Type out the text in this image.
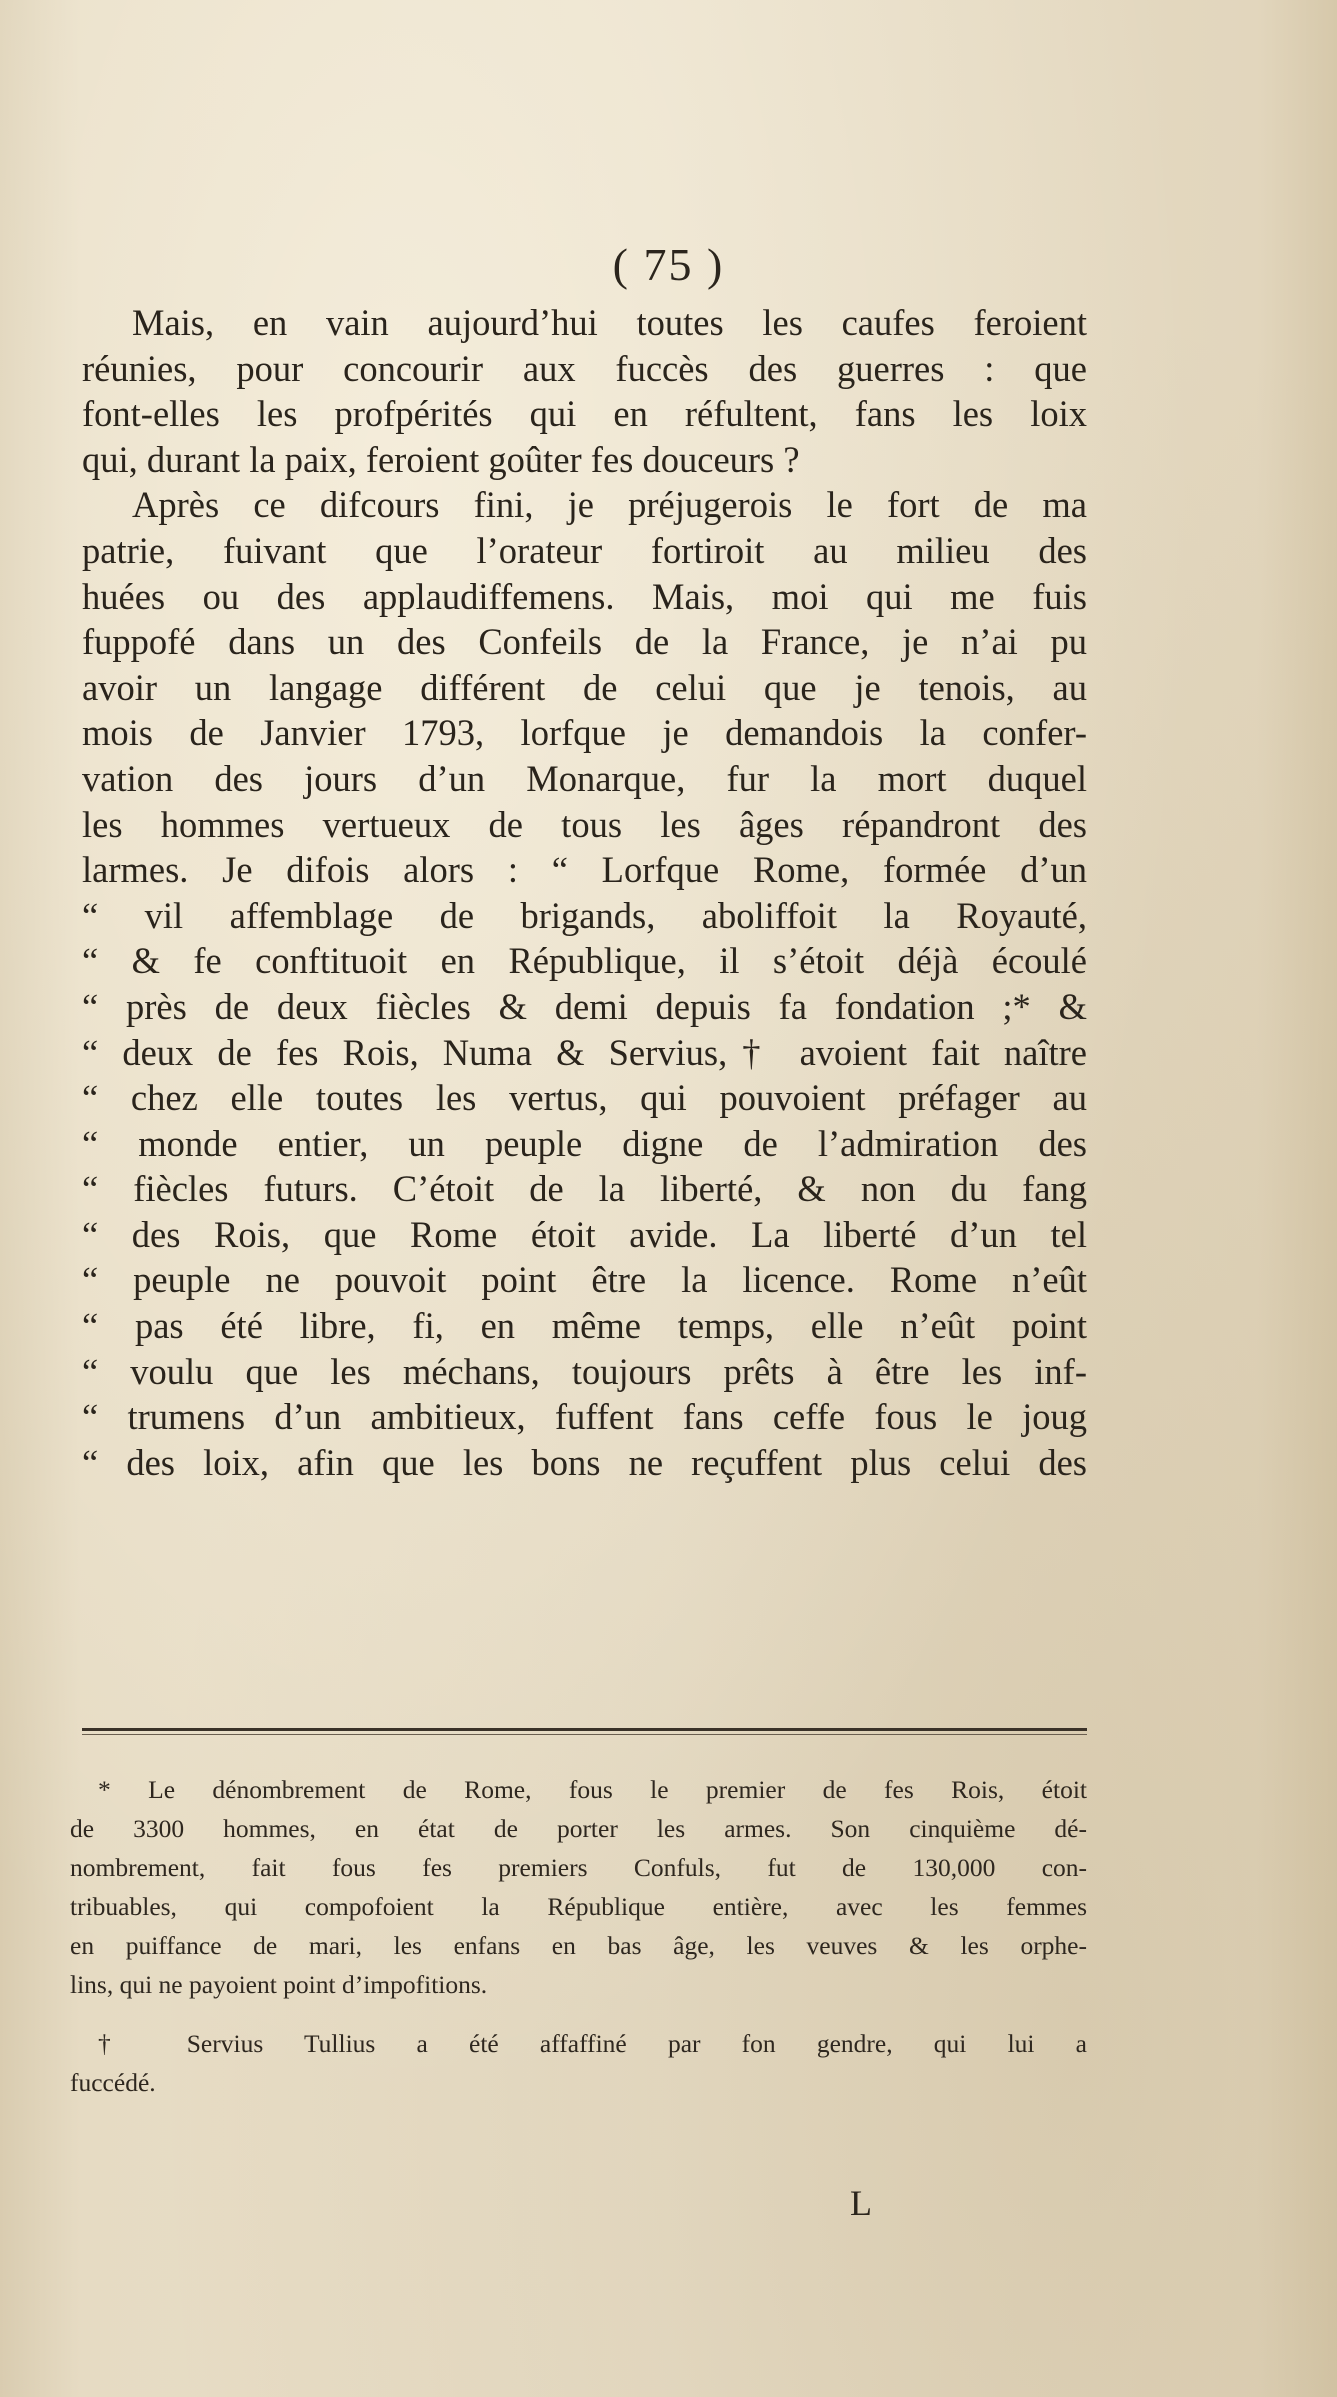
( 75 )
Mais, en vain aujourd’hui toutes les caufes feroient
réunies, pour concourir aux fuccès des guerres : que
font-elles les profpérités qui en réfultent, fans les loix
qui, durant la paix, feroient goûter fes douceurs ?
Après ce difcours fini, je préjugerois le fort de ma
patrie, fuivant que l’orateur fortiroit au milieu des
huées ou des applaudiffemens. Mais, moi qui me fuis
fuppofé dans un des Confeils de la France, je n’ai pu
avoir un langage différent de celui que je tenois, au
mois de Janvier 1793, lorfque je demandois la confer-
vation des jours d’un Monarque, fur la mort duquel
les hommes vertueux de tous les âges répandront des
larmes. Je difois alors : “ Lorfque Rome, formée d’un
“ vil affemblage de brigands, aboliffoit la Royauté,
“ & fe conftituoit en République, il s’étoit déjà écoulé
“ près de deux fiècles & demi depuis fa fondation ;* &
“ deux de fes Rois, Numa & Servius,† avoient fait naître
“ chez elle toutes les vertus, qui pouvoient préfager au
“ monde entier, un peuple digne de l’admiration des
“ fiècles futurs. C’étoit de la liberté, & non du fang
“ des Rois, que Rome étoit avide. La liberté d’un tel
“ peuple ne pouvoit point être la licence. Rome n’eût
“ pas été libre, fi, en même temps, elle n’eût point
“ voulu que les méchans, toujours prêts à être les inf-
“ trumens d’un ambitieux, fuffent fans ceffe fous le joug
“ des loix, afin que les bons ne reçuffent plus celui des
* Le dénombrement de Rome, fous le premier de fes Rois, étoit
de 3300 hommes, en état de porter les armes. Son cinquième dé-
nombrement, fait fous fes premiers Confuls, fut de 130,000 con-
tribuables, qui compofoient la République entière, avec les femmes
en puiffance de mari, les enfans en bas âge, les veuves & les orphe-
lins, qui ne payoient point d’impofitions.
† Servius Tullius a été affaffiné par fon gendre, qui lui a
fuccédé.
L
